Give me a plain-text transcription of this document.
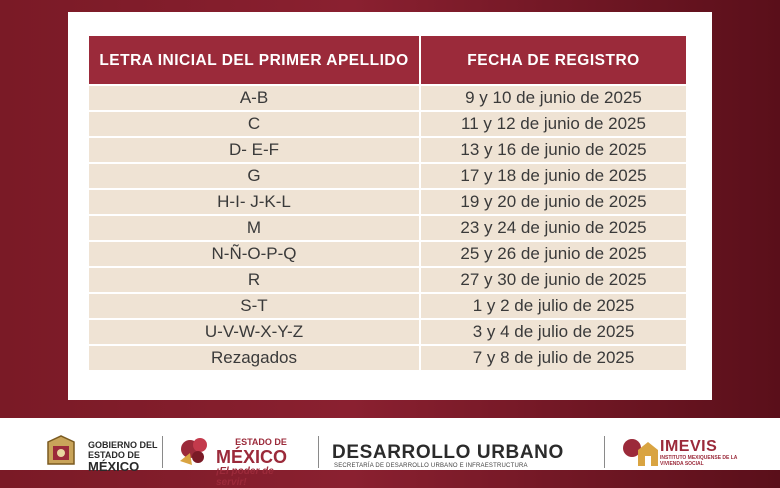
LETRA INICIAL DEL PRIMER APELLIDO	FECHA DE REGISTRO
A-B	9 y 10 de junio de 2025
C	11 y 12 de junio de 2025
D- E-F	13 y 16 de junio de 2025
G	17 y 18 de junio de 2025
H-I- J-K-L	19 y 20 de junio de 2025
M	23 y 24 de junio de 2025
N-Ñ-O-P-Q	25 y 26 de junio de 2025
R	27 y 30 de junio de 2025
S-T	1 y 2 de julio de 2025
U-V-W-X-Y-Z	3 y 4 de julio de 2025
Rezagados	7 y 8 de julio de 2025
GOBIERNO DEL
ESTADO DE
MÉXICO
ESTADO DE
MÉXICO
¡El poder de servir!
DESARROLLO URBANO
SECRETARÍA DE DESARROLLO URBANO E INFRAESTRUCTURA
IMEVIS
INSTITUTO MEXIQUENSE DE LA VIVIENDA SOCIAL
